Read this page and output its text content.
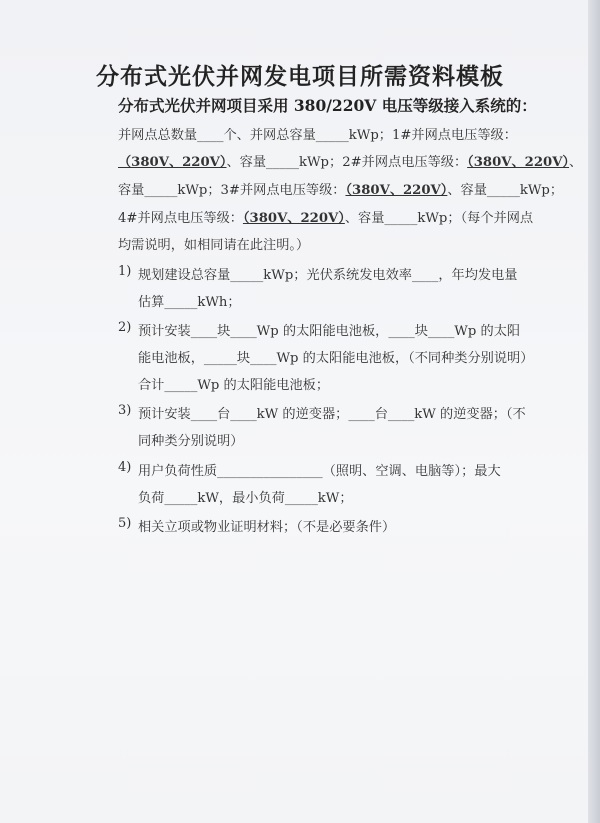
分布式光伏并网发电项目所需资料模板
分布式光伏并网项目采用 380/220V 电压等级接入系统的：
并网点总数量____个、并网总容量_____kWp；1#并网点电压等级：
（380V、220V）、容量_____kWp；2#并网点电压等级：（380V、220V）、
容量_____kWp；3#并网点电压等级：（380V、220V）、容量_____kWp；
4#并网点电压等级：（380V、220V）、容量_____kWp；（每个并网点
均需说明，如相同请在此注明。）
1) 规划建设总容量_____kWp；光伏系统发电效率____，年均发电量
估算_____kWh；
2) 预计安装____块____Wp 的太阳能电池板，____块____Wp 的太阳
能电池板，_____块____Wp 的太阳能电池板，（不同种类分别说明）
合计_____Wp 的太阳能电池板；
3) 预计安装____台____kW 的逆变器；____台____kW 的逆变器；（不
同种类分别说明）
4) 用户负荷性质________________（照明、空调、电脑等）；最大
负荷_____kW，最小负荷_____kW；
5) 相关立项或物业证明材料；（不是必要条件）
